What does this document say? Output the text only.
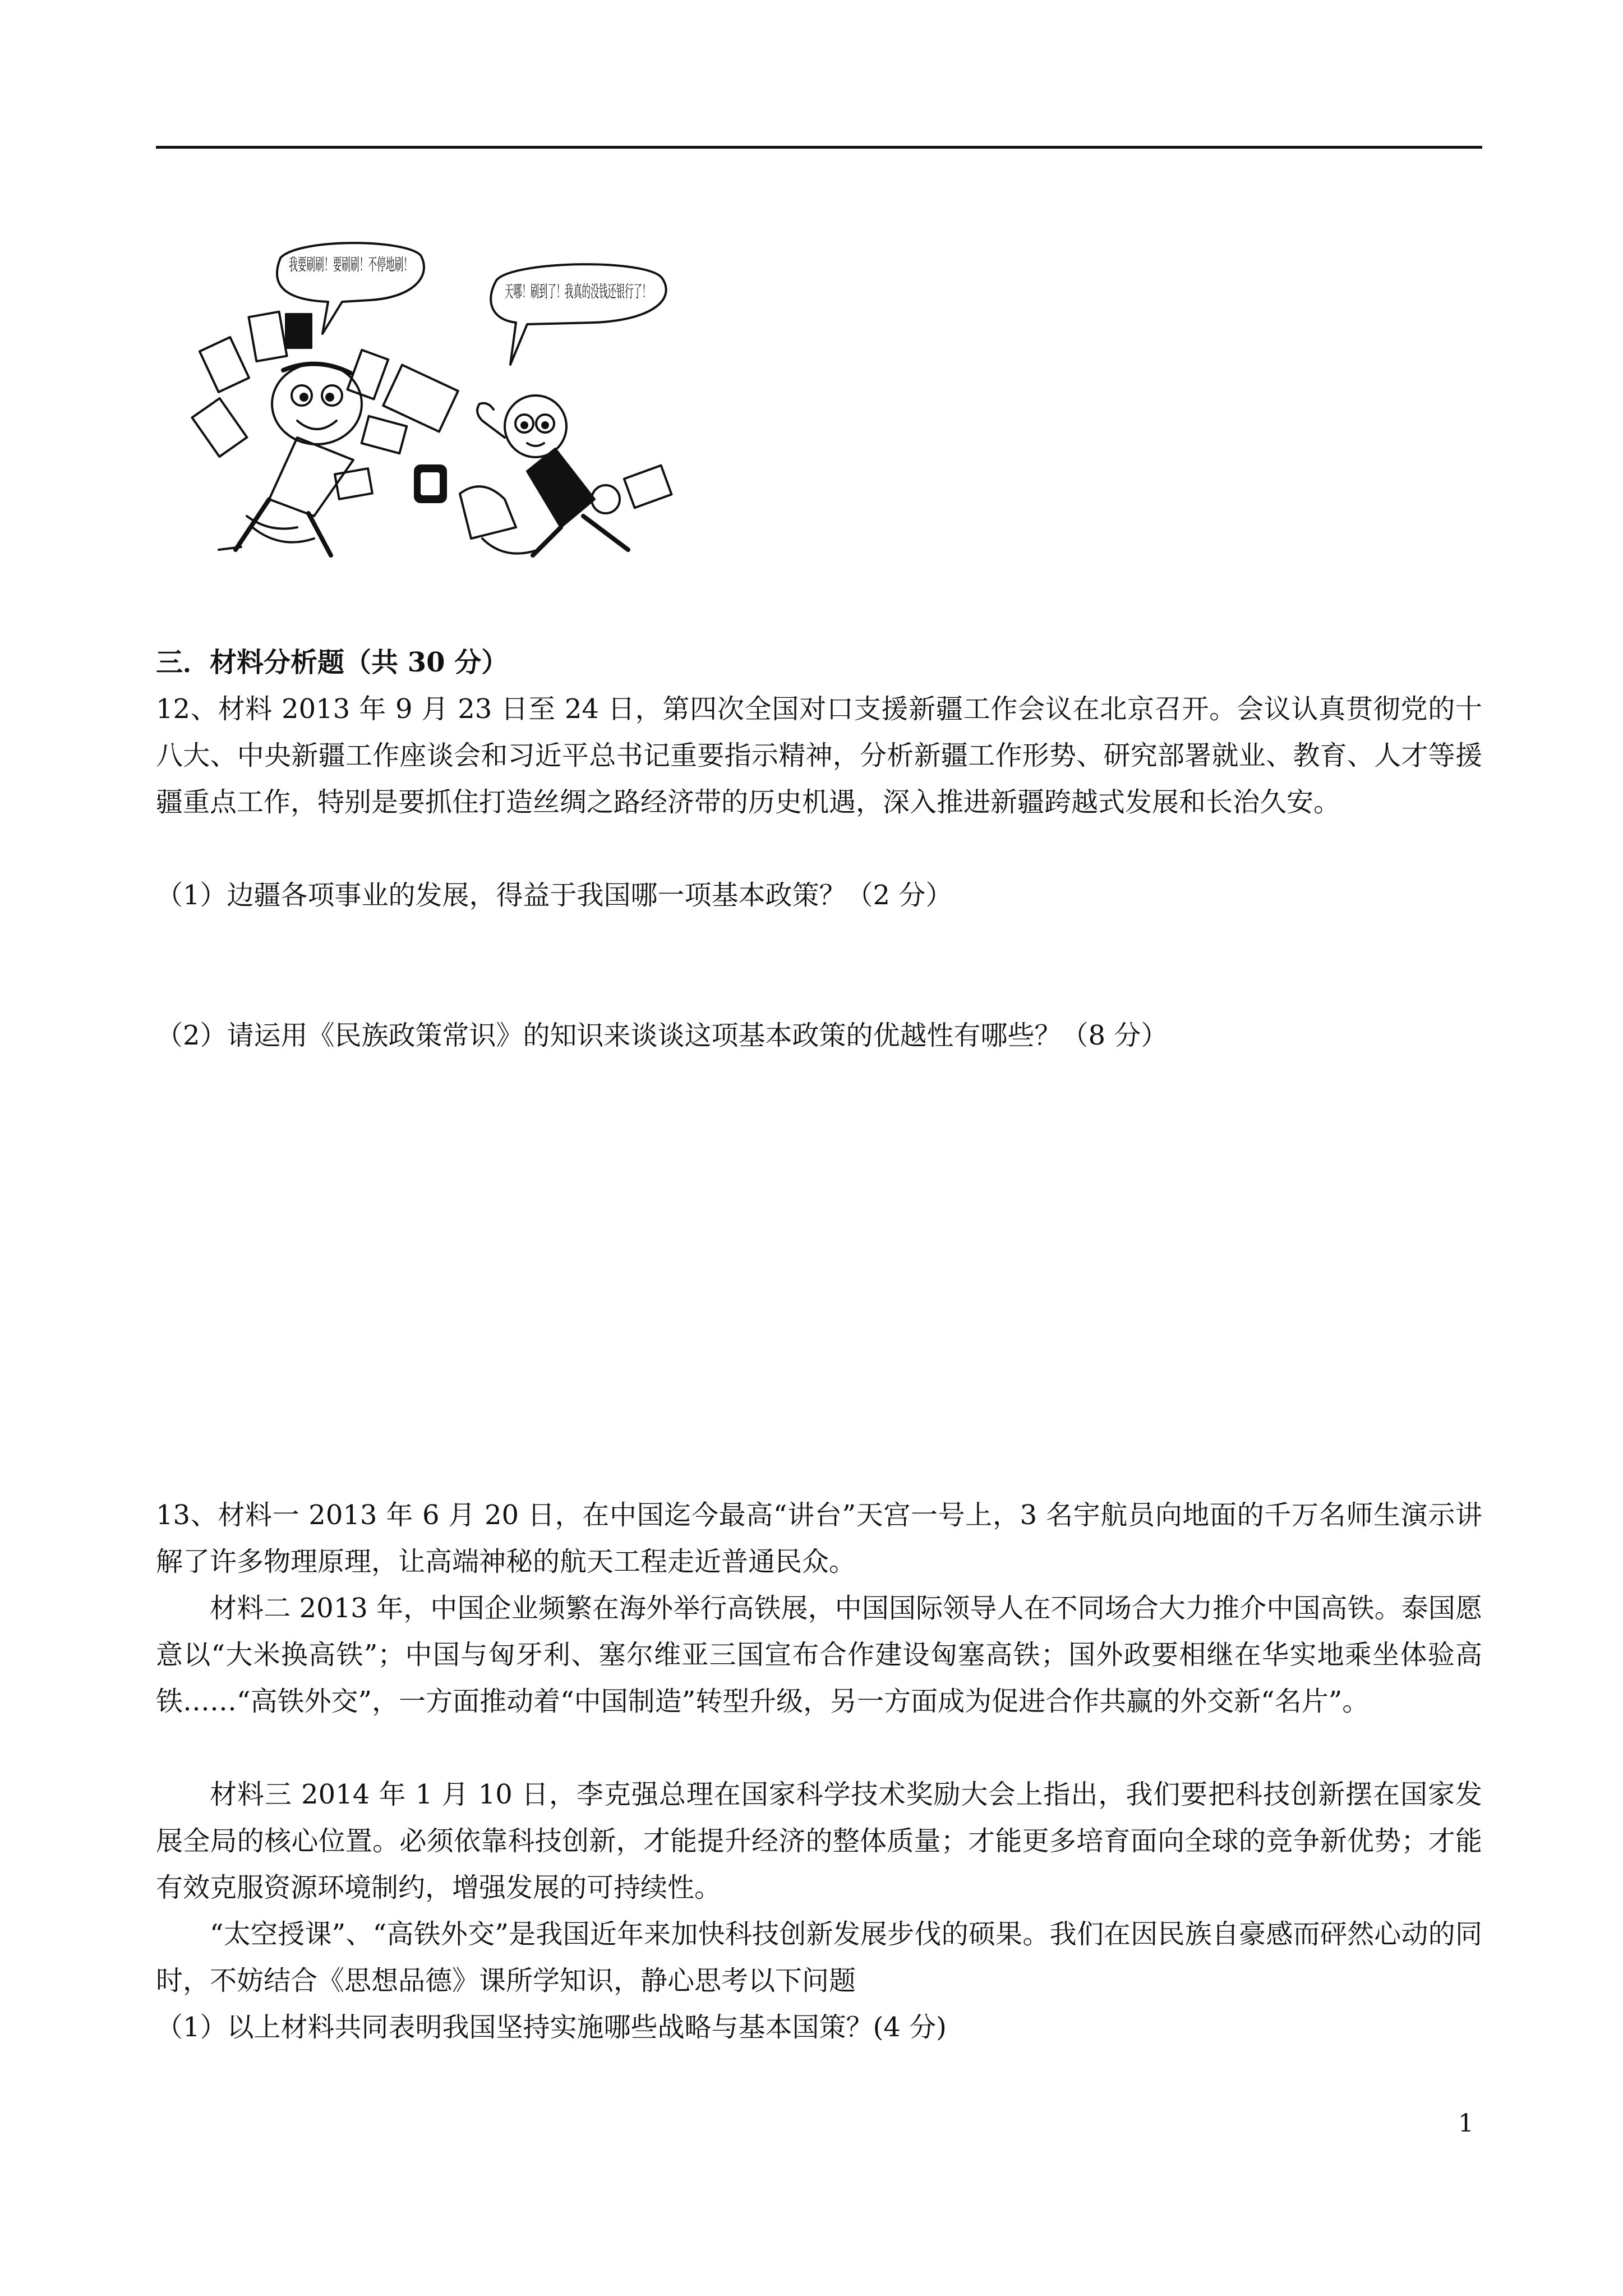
我要刷刷！要刷刷！不停地刷！
天哪！刷到了！我真的没钱还银行了！
三．材料分析题（共 30 分）
12、材料 2013 年 9 月 23 日至 24 日，第四次全国对口支援新疆工作会议在北京召开。会议认真贯彻党的十八大、中央新疆工作座谈会和习近平总书记重要指示精神，分析新疆工作形势、研究部署就业、教育、人才等援疆重点工作，特别是要抓住打造丝绸之路经济带的历史机遇，深入推进新疆跨越式发展和长治久安。
（1）边疆各项事业的发展，得益于我国哪一项基本政策？（2 分）
（2）请运用《民族政策常识》的知识来谈谈这项基本政策的优越性有哪些？（8 分）
13、材料一 2013 年 6 月 20 日，在中国迄今最高“讲台”天宫一号上，3 名宇航员向地面的千万名师生演示讲解了许多物理原理，让高端神秘的航天工程走近普通民众。
材料二 2013 年，中国企业频繁在海外举行高铁展，中国国际领导人在不同场合大力推介中国高铁。泰国愿意以“大米换高铁”；中国与匈牙利、塞尔维亚三国宣布合作建设匈塞高铁；国外政要相继在华实地乘坐体验高铁……“高铁外交”，一方面推动着“中国制造”转型升级，另一方面成为促进合作共赢的外交新“名片”。
材料三 2014 年 1 月 10 日，李克强总理在国家科学技术奖励大会上指出，我们要把科技创新摆在国家发展全局的核心位置。必须依靠科技创新，才能提升经济的整体质量；才能更多培育面向全球的竞争新优势；才能有效克服资源环境制约，增强发展的可持续性。
“太空授课”、“高铁外交”是我国近年来加快科技创新发展步伐的硕果。我们在因民族自豪感而砰然心动的同时，不妨结合《思想品德》课所学知识，静心思考以下问题
（1）以上材料共同表明我国坚持实施哪些战略与基本国策？(4 分)
1
